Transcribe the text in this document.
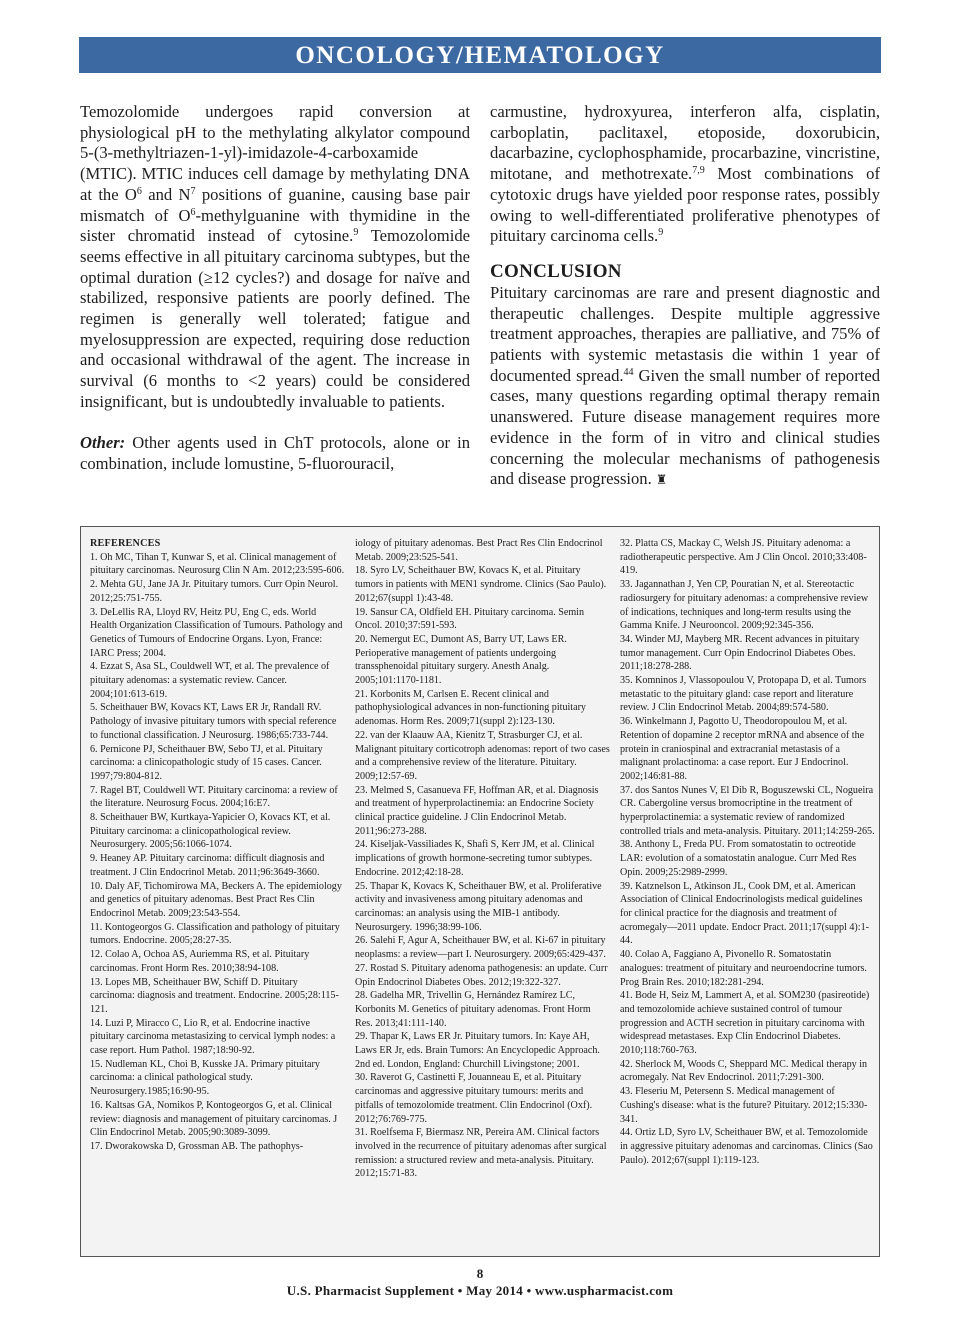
ONCOLOGY/HEMATOLOGY

Temozolomide undergoes rapid conversion at physiological pH to the methylating alkylator compound 5-(3-methyltriazen-1-yl)-imidazole-4-carboxamide (MTIC). MTIC induces cell damage by methylating DNA at the $O^6$ and $N^7$ positions of guanine, causing base pair mismatch of $O^6$-methylguanine with thymidine in the sister chromatid instead of cytosine.$^9$ Temozolomide seems effective in all pituitary carcinoma subtypes, but the optimal duration (≥12 cycles?) and dosage for naïve and stabilized, responsive patients are poorly defined. The regimen is generally well tolerated; fatigue and myelosuppression are expected, requiring dose reduction and occasional withdrawal of the agent. The increase in survival (6 months to <2 years) could be considered insignificant, but is undoubtedly invaluable to patients.

Other: Other agents used in ChT protocols, alone or in combination, include lomustine, 5-fluorouracil,

carmustine, hydroxyurea, interferon alfa, cisplatin, carboplatin, paclitaxel, etoposide, doxorubicin, dacarbazine, cyclophosphamide, procarbazine, vincristine, mitotane, and methotrexate.$^{7,9}$ Most combinations of cytotoxic drugs have yielded poor response rates, possibly owing to well-differentiated proliferative phenotypes of pituitary carcinoma cells.$^9$

CONCLUSION

Pituitary carcinomas are rare and present diagnostic and therapeutic challenges. Despite multiple aggressive treatment approaches, therapies are palliative, and 75% of patients with systemic metastasis die within 1 year of documented spread.$^{44}$ Given the small number of reported cases, many questions regarding optimal therapy remain unanswered. Future disease management requires more evidence in the form of in vitro and clinical studies concerning the molecular mechanisms of pathogenesis and disease progression. ♜

REFERENCES
1. Oh MC, Tihan T, Kunwar S, et al. Clinical management of pituitary carcinomas. Neurosurg Clin N Am. 2012;23:595-606.
2. Mehta GU, Jane JA Jr. Pituitary tumors. Curr Opin Neurol. 2012;25:751-755.
3. DeLellis RA, Lloyd RV, Heitz PU, Eng C, eds. World Health Organization Classification of Tumours. Pathology and Genetics of Tumours of Endocrine Organs. Lyon, France: IARC Press; 2004.
4. Ezzat S, Asa SL, Couldwell WT, et al. The prevalence of pituitary adenomas: a systematic review. Cancer. 2004;101:613-619.
5. Scheithauer BW, Kovacs KT, Laws ER Jr, Randall RV. Pathology of invasive pituitary tumors with special reference to functional classification. J Neurosurg. 1986;65:733-744.
6. Pernicone PJ, Scheithauer BW, Sebo TJ, et al. Pituitary carcinoma: a clinicopathologic study of 15 cases. Cancer. 1997;79:804-812.
7. Ragel BT, Couldwell WT. Pituitary carcinoma: a review of the literature. Neurosurg Focus. 2004;16:E7.
8. Scheithauer BW, Kurtkaya-Yapicier O, Kovacs KT, et al. Pituitary carcinoma: a clinicopathological review. Neurosurgery. 2005;56:1066-1074.
9. Heaney AP. Pituitary carcinoma: difficult diagnosis and treatment. J Clin Endocrinol Metab. 2011;96:3649-3660.
10. Daly AF, Tichomirowa MA, Beckers A. The epidemiology and genetics of pituitary adenomas. Best Pract Res Clin Endocrinol Metab. 2009;23:543-554.
11. Kontogeorgos G. Classification and pathology of pituitary tumors. Endocrine. 2005;28:27-35.
12. Colao A, Ochoa AS, Auriemma RS, et al. Pituitary carcinomas. Front Horm Res. 2010;38:94-108.
13. Lopes MB, Scheithauer BW, Schiff D. Pituitary carcinoma: diagnosis and treatment. Endocrine. 2005;28:115-121.
14. Luzi P, Miracco C, Lio R, et al. Endocrine inactive pituitary carcinoma metastasizing to cervical lymph nodes: a case report. Hum Pathol. 1987;18:90-92.
15. Nudleman KL, Choi B, Kusske JA. Primary pituitary carcinoma: a clinical pathological study. Neurosurgery.1985;16:90-95.
16. Kaltsas GA, Nomikos P, Kontogeorgos G, et al. Clinical review: diagnosis and management of pituitary carcinomas. J Clin Endocrinol Metab. 2005;90:3089-3099.
17. Dworakowska D, Grossman AB. The pathophys-
iology of pituitary adenomas. Best Pract Res Clin Endocrinol Metab. 2009;23:525-541.
18. Syro LV, Scheithauer BW, Kovacs K, et al. Pituitary tumors in patients with MEN1 syndrome. Clinics (Sao Paulo). 2012;67(suppl 1):43-48.
19. Sansur CA, Oldfield EH. Pituitary carcinoma. Semin Oncol. 2010;37:591-593.
20. Nemergut EC, Dumont AS, Barry UT, Laws ER. Perioperative management of patients undergoing transsphenoidal pituitary surgery. Anesth Analg. 2005;101:1170-1181.
21. Korbonits M, Carlsen E. Recent clinical and pathophysiological advances in non-functioning pituitary adenomas. Horm Res. 2009;71(suppl 2):123-130.
22. van der Klaauw AA, Kienitz T, Strasburger CJ, et al. Malignant pituitary corticotroph adenomas: report of two cases and a comprehensive review of the literature. Pituitary. 2009;12:57-69.
23. Melmed S, Casanueva FF, Hoffman AR, et al. Diagnosis and treatment of hyperprolactinemia: an Endocrine Society clinical practice guideline. J Clin Endocrinol Metab. 2011;96:273-288.
24. Kiseljak-Vassiliades K, Shafi S, Kerr JM, et al. Clinical implications of growth hormone-secreting tumor subtypes. Endocrine. 2012;42:18-28.
25. Thapar K, Kovacs K, Scheithauer BW, et al. Proliferative activity and invasiveness among pituitary adenomas and carcinomas: an analysis using the MIB-1 antibody. Neurosurgery. 1996;38:99-106.
26. Salehi F, Agur A, Scheithauer BW, et al. Ki-67 in pituitary neoplasms: a review—part I. Neurosurgery. 2009;65:429-437.
27. Rostad S. Pituitary adenoma pathogenesis: an update. Curr Opin Endocrinol Diabetes Obes. 2012;19:322-327.
28. Gadelha MR, Trivellin G, Hernández Ramírez LC, Korbonits M. Genetics of pituitary adenomas. Front Horm Res. 2013;41:111-140.
29. Thapar K, Laws ER Jr. Pituitary tumors. In: Kaye AH, Laws ER Jr, eds. Brain Tumors: An Encyclopedic Approach. 2nd ed. London, England: Churchill Livingstone; 2001.
30. Raverot G, Castinetti F, Jouanneau E, et al. Pituitary carcinomas and aggressive pituitary tumours: merits and pitfalls of temozolomide treatment. Clin Endocrinol (Oxf). 2012;76:769-775.
31. Roelfsema F, Biermasz NR, Pereira AM. Clinical factors involved in the recurrence of pituitary adenomas after surgical remission: a structured review and meta-analysis. Pituitary. 2012;15:71-83.
32. Platta CS, Mackay C, Welsh JS. Pituitary adenoma: a radiotherapeutic perspective. Am J Clin Oncol. 2010;33:408-419.
33. Jagannathan J, Yen CP, Pouratian N, et al. Stereotactic radiosurgery for pituitary adenomas: a comprehensive review of indications, techniques and long-term results using the Gamma Knife. J Neurooncol. 2009;92:345-356.
34. Winder MJ, Mayberg MR. Recent advances in pituitary tumor management. Curr Opin Endocrinol Diabetes Obes. 2011;18:278-288.
35. Komninos J, Vlassopoulou V, Protopapa D, et al. Tumors metastatic to the pituitary gland: case report and literature review. J Clin Endocrinol Metab. 2004;89:574-580.
36. Winkelmann J, Pagotto U, Theodoropoulou M, et al. Retention of dopamine 2 receptor mRNA and absence of the protein in craniospinal and extracranial metastasis of a malignant prolactinoma: a case report. Eur J Endocrinol. 2002;146:81-88.
37. dos Santos Nunes V, El Dib R, Boguszewski CL, Nogueira CR. Cabergoline versus bromocriptine in the treatment of hyperprolactinemia: a systematic review of randomized controlled trials and meta-analysis. Pituitary. 2011;14:259-265.
38. Anthony L, Freda PU. From somatostatin to octreotide LAR: evolution of a somatostatin analogue. Curr Med Res Opin. 2009;25:2989-2999.
39. Katznelson L, Atkinson JL, Cook DM, et al. American Association of Clinical Endocrinologists medical guidelines for clinical practice for the diagnosis and treatment of acromegaly—2011 update. Endocr Pract. 2011;17(suppl 4):1-44.
40. Colao A, Faggiano A, Pivonello R. Somatostatin analogues: treatment of pituitary and neuroendocrine tumors. Prog Brain Res. 2010;182:281-294.
41. Bode H, Seiz M, Lammert A, et al. SOM230 (pasireotide) and temozolomide achieve sustained control of tumour progression and ACTH secretion in pituitary carcinoma with widespread metastases. Exp Clin Endocrinol Diabetes. 2010;118:760-763.
42. Sherlock M, Woods C, Sheppard MC. Medical therapy in acromegaly. Nat Rev Endocrinol. 2011;7:291-300.
43. Fleseriu M, Petersenn S. Medical management of Cushing's disease: what is the future? Pituitary. 2012;15:330-341.
44. Ortiz LD, Syro LV, Scheithauer BW, et al. Temozolomide in aggressive pituitary adenomas and carcinomas. Clinics (Sao Paulo). 2012;67(suppl 1):119-123.
8
U.S. Pharmacist Supplement • May 2014 • www.uspharmacist.com
